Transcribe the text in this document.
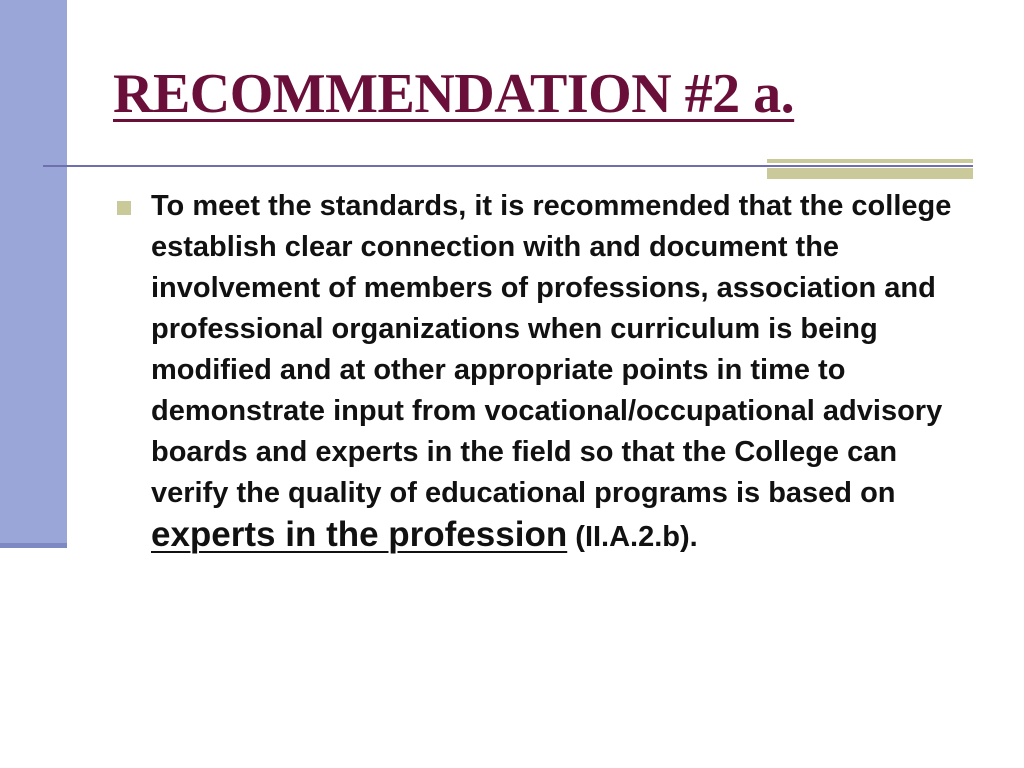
RECOMMENDATION #2 a.

To meet the standards, it is recommended that the college establish clear connection with and document the involvement of members of professions, association and professional organizations when curriculum is being modified and at other appropriate points in time to demonstrate input from vocational/occupational advisory boards and experts in the field so that the College can verify the quality of educational programs is based on experts in the profession (II.A.2.b).
